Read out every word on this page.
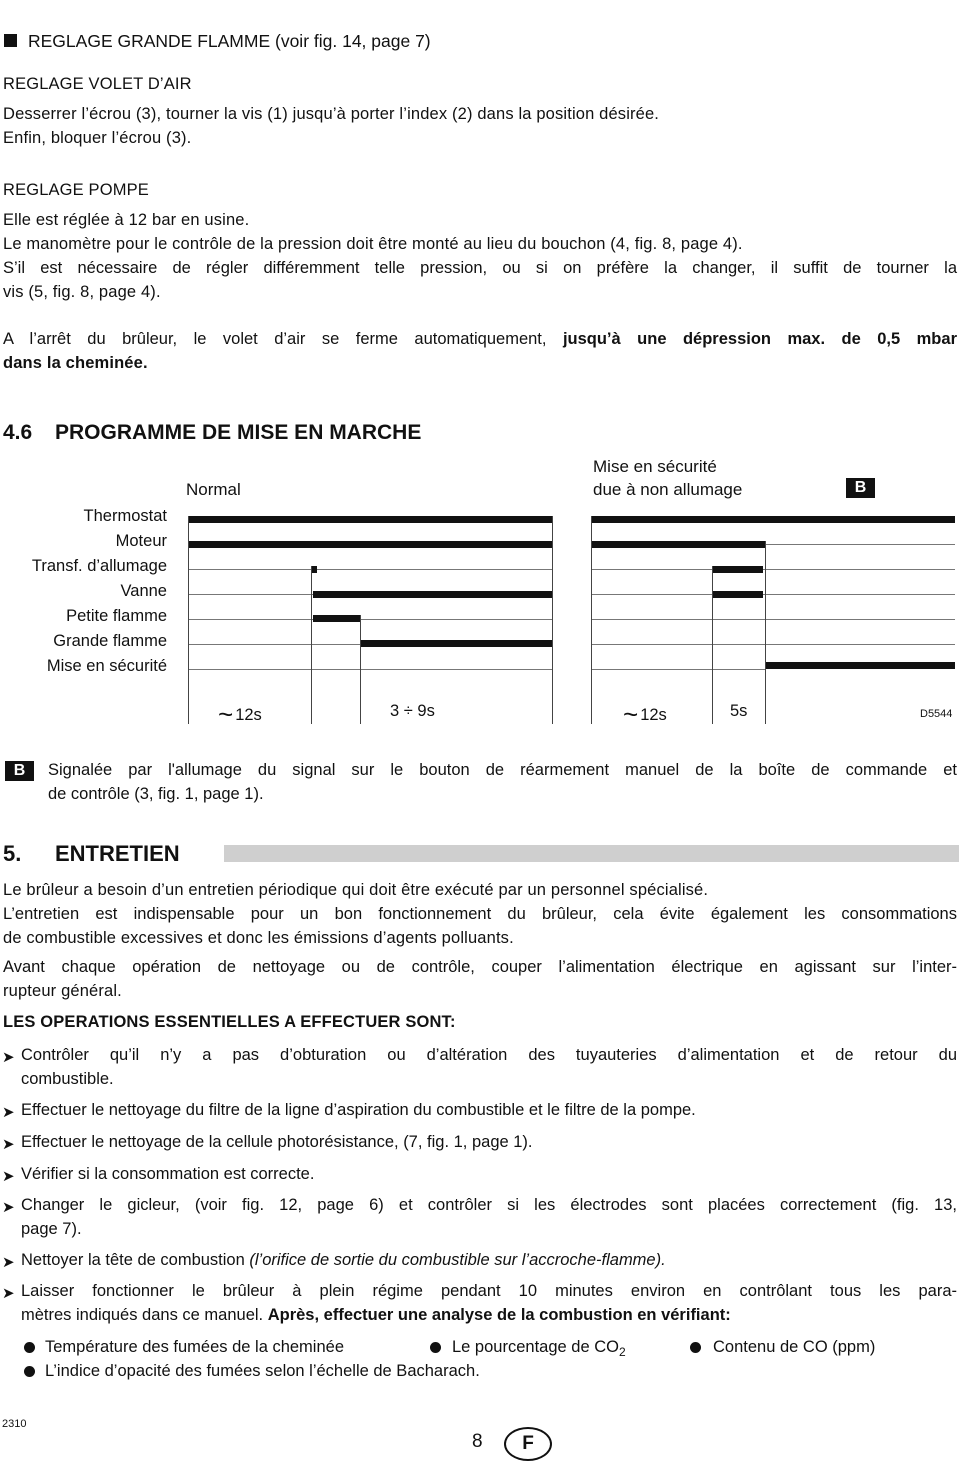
REGLAGE GRANDE FLAMME (voir fig. 14, page 7)
REGLAGE VOLET D’AIR
Desserrer l’écrou (3), tourner la vis (1) jusqu’à porter l’index (2) dans la position désirée.
Enfin, bloquer l’écrou (3).
REGLAGE POMPE
Elle est réglée à 12 bar en usine.
Le manomètre pour le contrôle de la pression doit être monté au lieu du bouchon (4, fig. 8, page 4).
S’il est nécessaire de régler différemment telle pression, ou si on préfère la changer, il suffit de tourner la
vis (5, fig. 8, page 4).
A l’arrêt du brûleur, le volet d’air se ferme automatiquement, jusqu’à une dépression max. de 0,5 mbar
dans la cheminée.
4.6 PROGRAMME DE MISE EN MARCHE
Normal
Mise en sécurité
due à non allumage	B
Thermostat
Moteur
Transf. d’allumage
Vanne
Petite flamme
Grande flamme
Mise en sécurité
~ 12s	3 ÷ 9s	~ 12s	5s	D5544
B	Signalée par l'allumage du signal sur le bouton de réarmement manuel de la boîte de commande et
de contrôle (3, fig. 1, page 1).
5. ENTRETIEN
Le brûleur a besoin d’un entretien périodique qui doit être exécuté par un personnel spécialisé.
L’entretien est indispensable pour un bon fonctionnement du brûleur, cela évite également les consommations
de combustible excessives et donc les émissions d’agents polluants.
Avant chaque opération de nettoyage ou de contrôle, couper l’alimentation électrique en agissant sur l’inter-
rupteur général.
LES OPERATIONS ESSENTIELLES A EFFECTUER SONT:
➤ Contrôler qu’il n’y a pas d’obturation ou d’altération des tuyauteries d’alimentation et de retour du
combustible.
➤ Effectuer le nettoyage du filtre de la ligne d’aspiration du combustible et le filtre de la pompe.
➤ Effectuer le nettoyage de la cellule photorésistance, (7, fig. 1, page 1).
➤ Vérifier si la consommation est correcte.
➤ Changer le gicleur, (voir fig. 12, page 6) et contrôler si les électrodes sont placées correctement (fig. 13,
page 7).
➤ Nettoyer la tête de combustion (l’orifice de sortie du combustible sur l’accroche-flamme).
➤ Laisser fonctionner le brûleur à plein régime pendant 10 minutes environ en contrôlant tous les para-
mètres indiqués dans ce manuel. Après, effectuer une analyse de la combustion en vérifiant:
Température des fumées de la cheminée	Le pourcentage de $CO_2$	Contenu de CO (ppm)
L’indice d’opacité des fumées selon l’échelle de Bacharach.
2310
8	F
